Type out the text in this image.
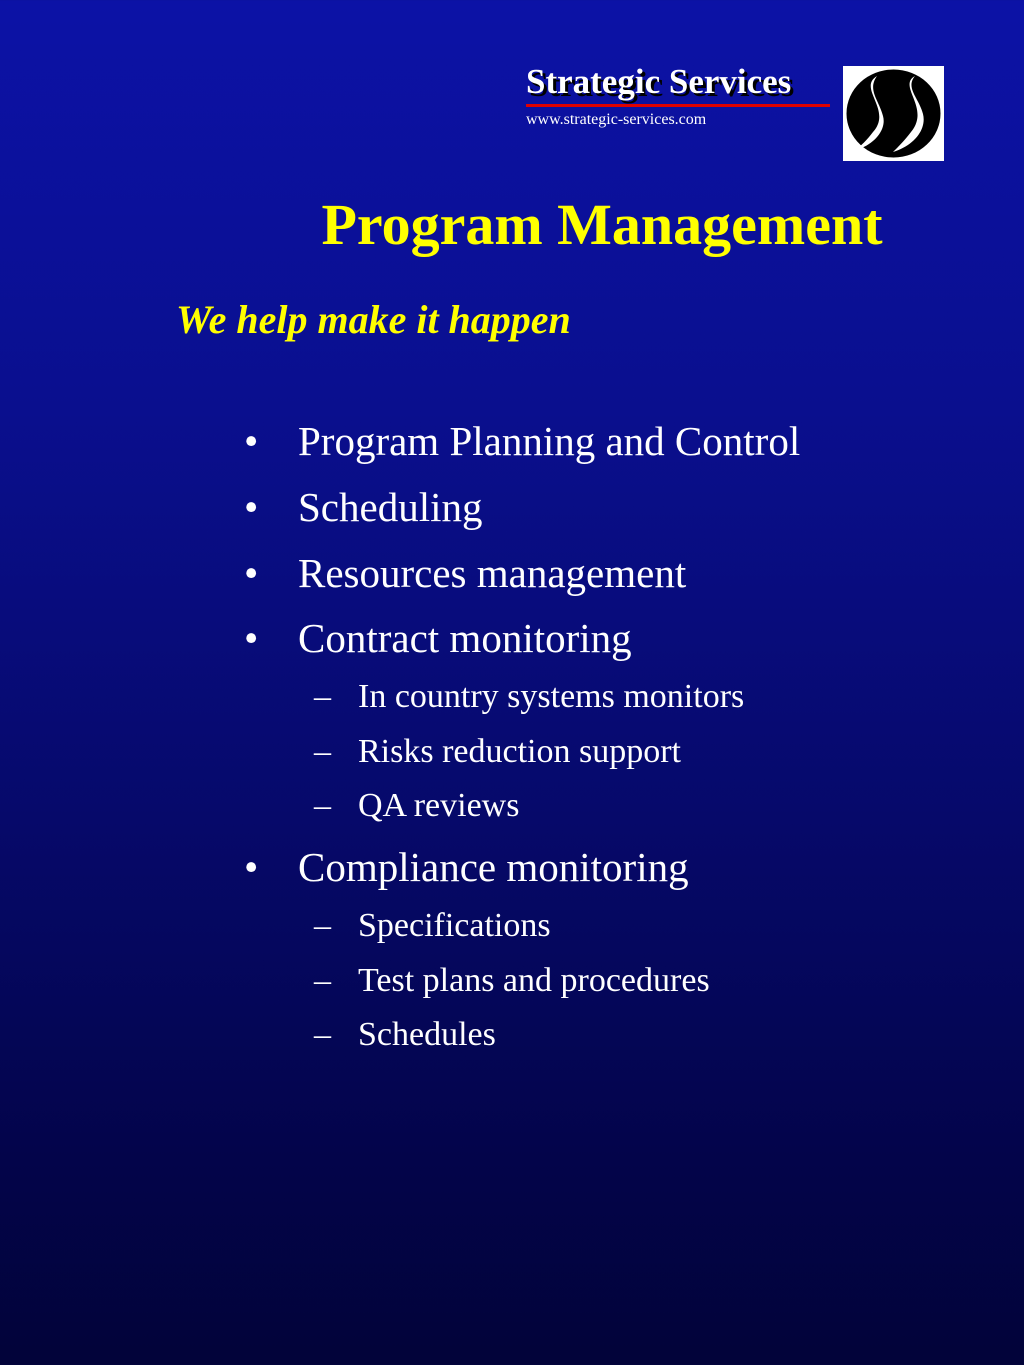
Strategic Services
www.strategic-services.com
Program Management
We help make it happen
• Program Planning and Control
• Scheduling
• Resources management
• Contract monitoring
– In country systems monitors
– Risks reduction support
– QA reviews
• Compliance monitoring
– Specifications
– Test plans and procedures
– Schedules
